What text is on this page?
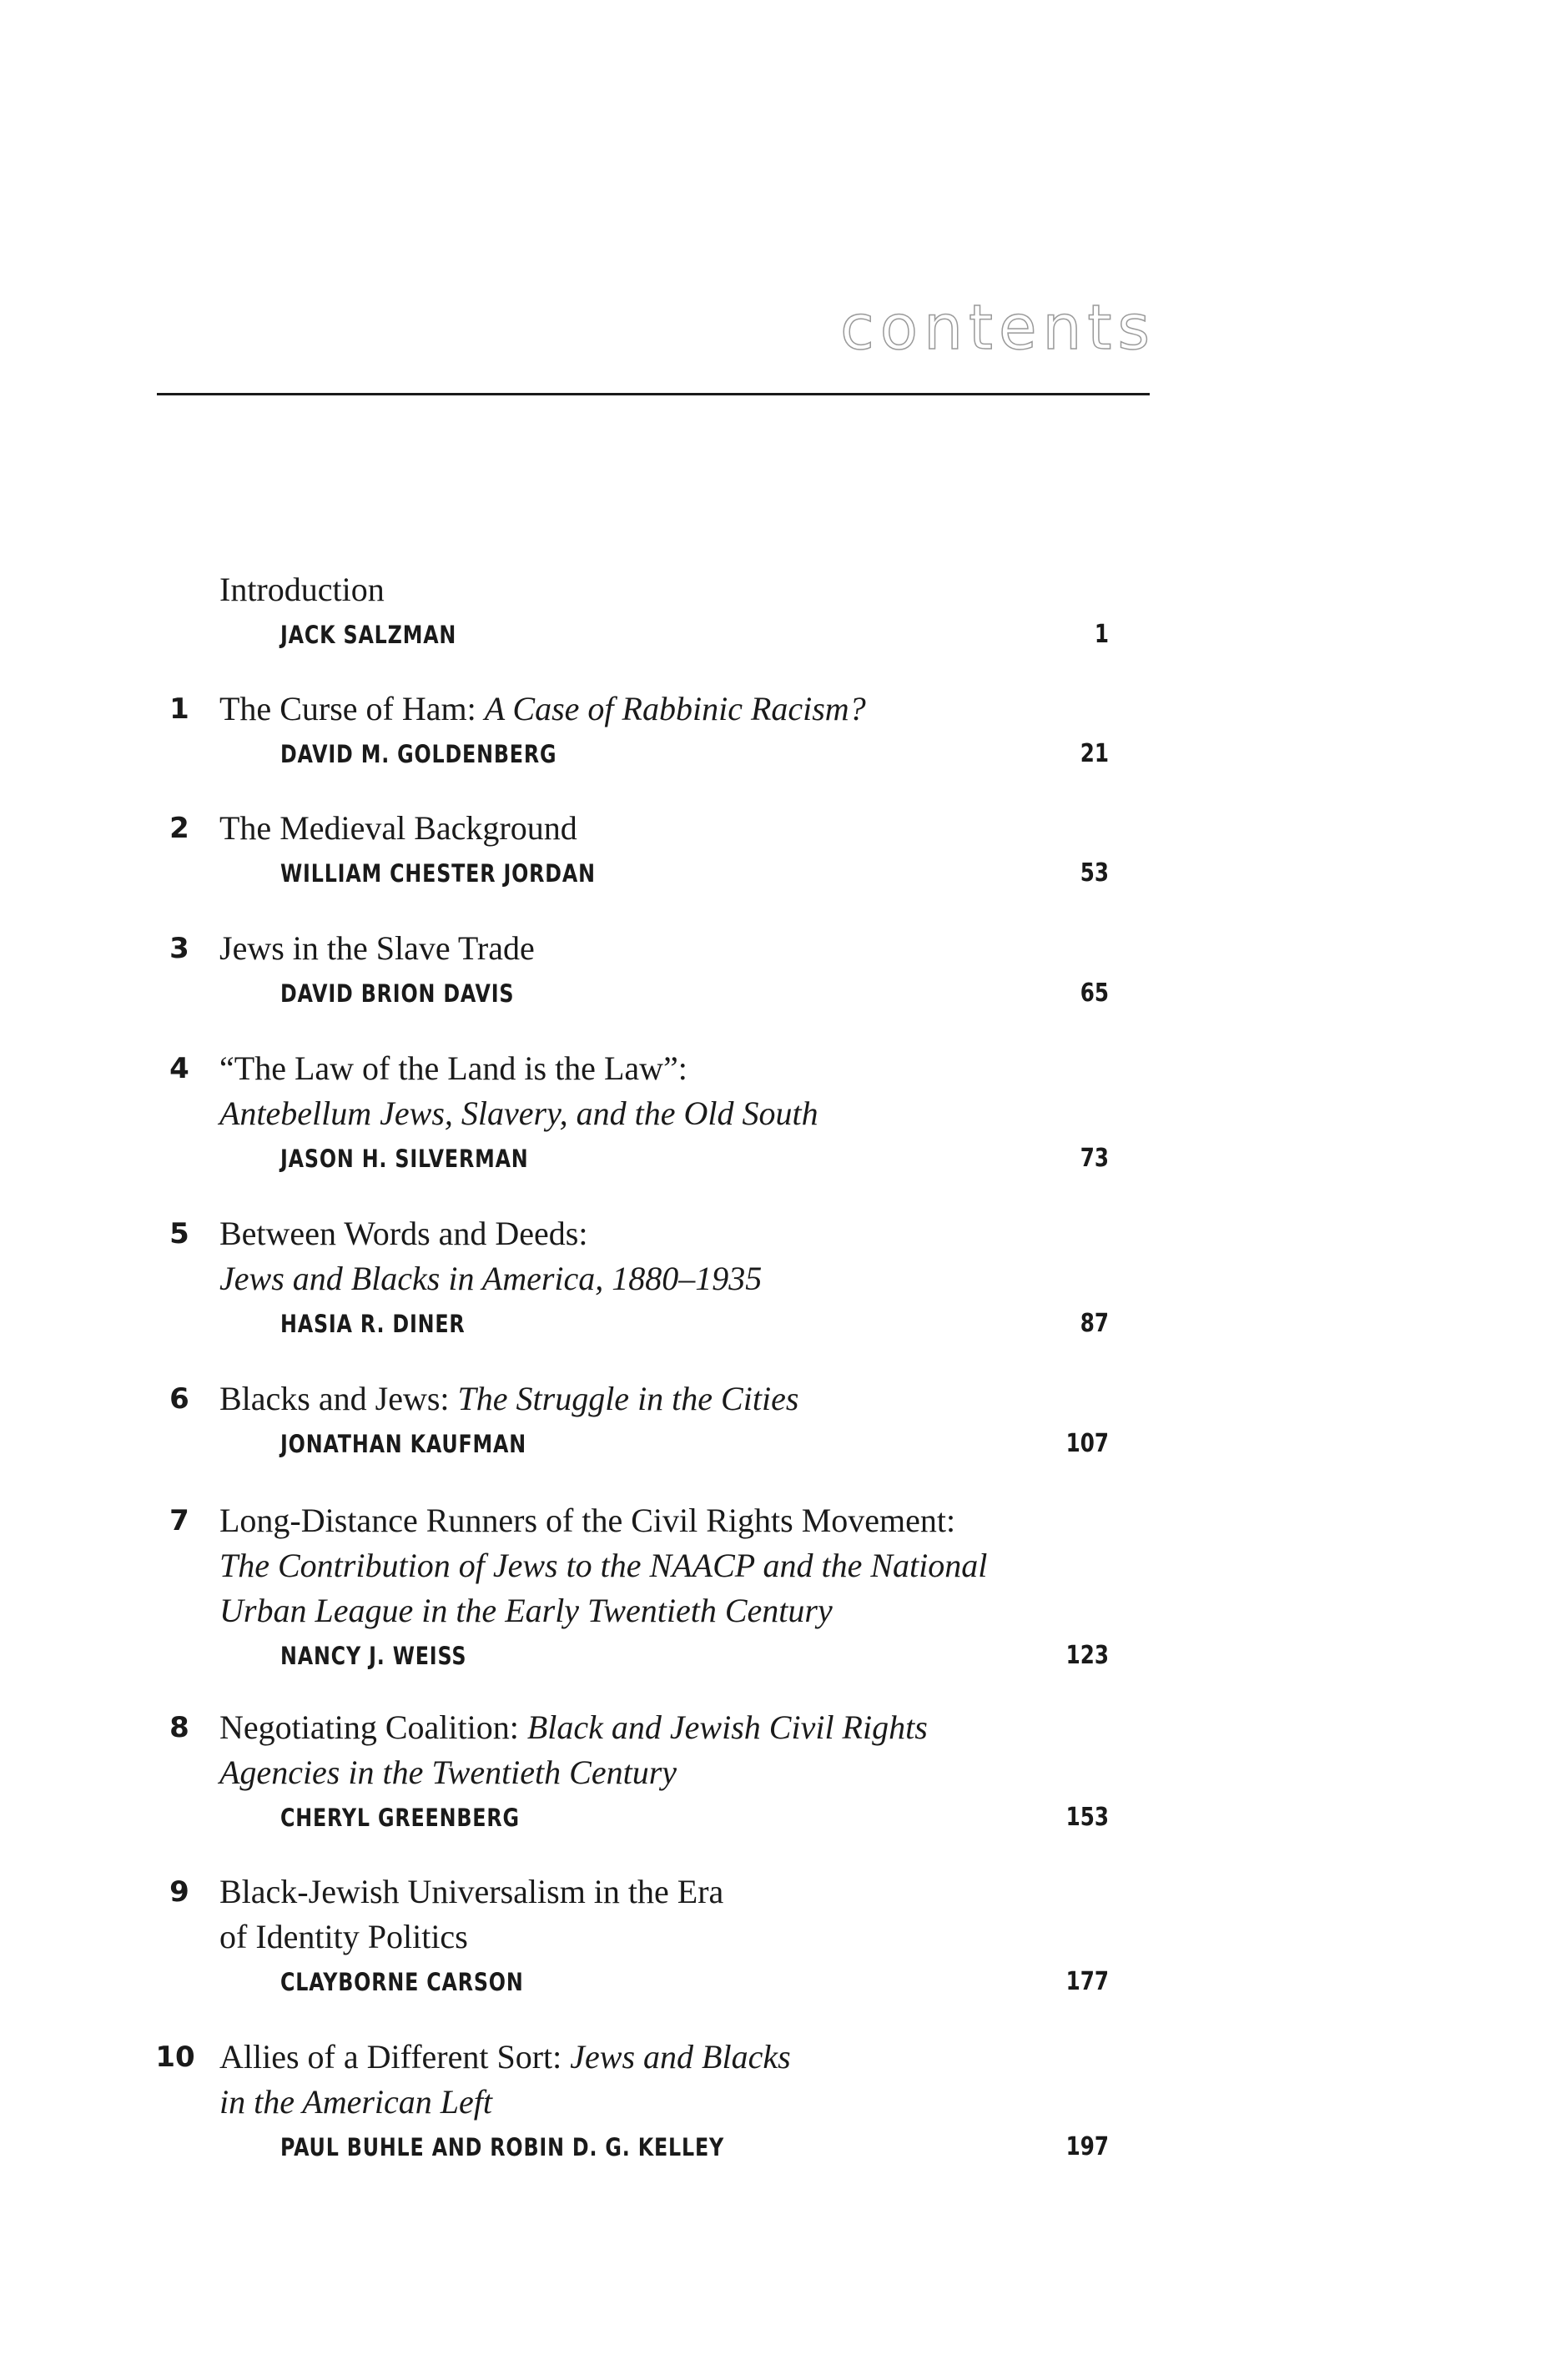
contents
Introduction
JACK SALZMAN	1
1 The Curse of Ham: A Case of Rabbinic Racism?
DAVID M. GOLDENBERG	21
2 The Medieval Background
WILLIAM CHESTER JORDAN	53
3 Jews in the Slave Trade
DAVID BRION DAVIS	65
4 “The Law of the Land is the Law”:
Antebellum Jews, Slavery, and the Old South
JASON H. SILVERMAN	73
5 Between Words and Deeds:
Jews and Blacks in America, 1880–1935
HASIA R. DINER	87
6 Blacks and Jews: The Struggle in the Cities
JONATHAN KAUFMAN	107
7 Long-Distance Runners of the Civil Rights Movement:
The Contribution of Jews to the NAACP and the National
Urban League in the Early Twentieth Century
NANCY J. WEISS	123
8 Negotiating Coalition: Black and Jewish Civil Rights
Agencies in the Twentieth Century
CHERYL GREENBERG	153
9 Black-Jewish Universalism in the Era
of Identity Politics
CLAYBORNE CARSON	177
10 Allies of a Different Sort: Jews and Blacks
in the American Left
PAUL BUHLE AND ROBIN D. G. KELLEY	197
